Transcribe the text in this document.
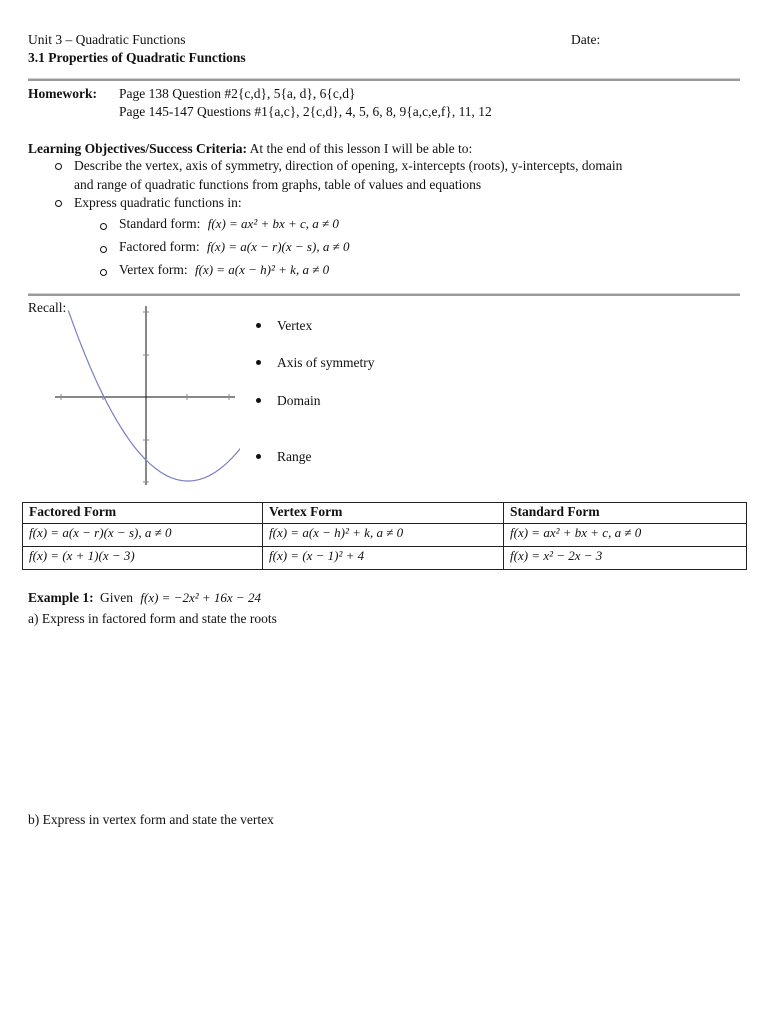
Unit 3 – Quadratic Functions	Date:
3.1 Properties of Quadratic Functions
Homework: Page 138 Question #2{c,d}, 5{a, d}, 6{c,d}
Page 145-147 Questions #1{a,c}, 2{c,d}, 4, 5, 6, 8, 9{a,c,e,f}, 11, 12
Learning Objectives/Success Criteria: At the end of this lesson I will be able to:
Describe the vertex, axis of symmetry, direction of opening, x-intercepts (roots), y-intercepts, domain
and range of quadratic functions from graphs, table of values and equations
Express quadratic functions in:
Standard form: f(x) = ax² + bx + c, a ≠ 0
Factored form: f(x) = a(x − r)(x − s), a ≠ 0
Vertex form: f(x) = a(x − h)² + k, a ≠ 0
Recall:
Vertex
Axis of symmetry
Domain
Range
Factored Form	Vertex Form	Standard Form
f(x) = a(x − r)(x − s), a ≠ 0	f(x) = a(x − h)² + k, a ≠ 0	f(x) = ax² + bx + c, a ≠ 0
f(x) = (x + 1)(x − 3)	f(x) = (x − 1)² + 4	f(x) = x² − 2x − 3
Example 1: Given f(x) = −2x² + 16x − 24
a) Express in factored form and state the roots
b) Express in vertex form and state the vertex
